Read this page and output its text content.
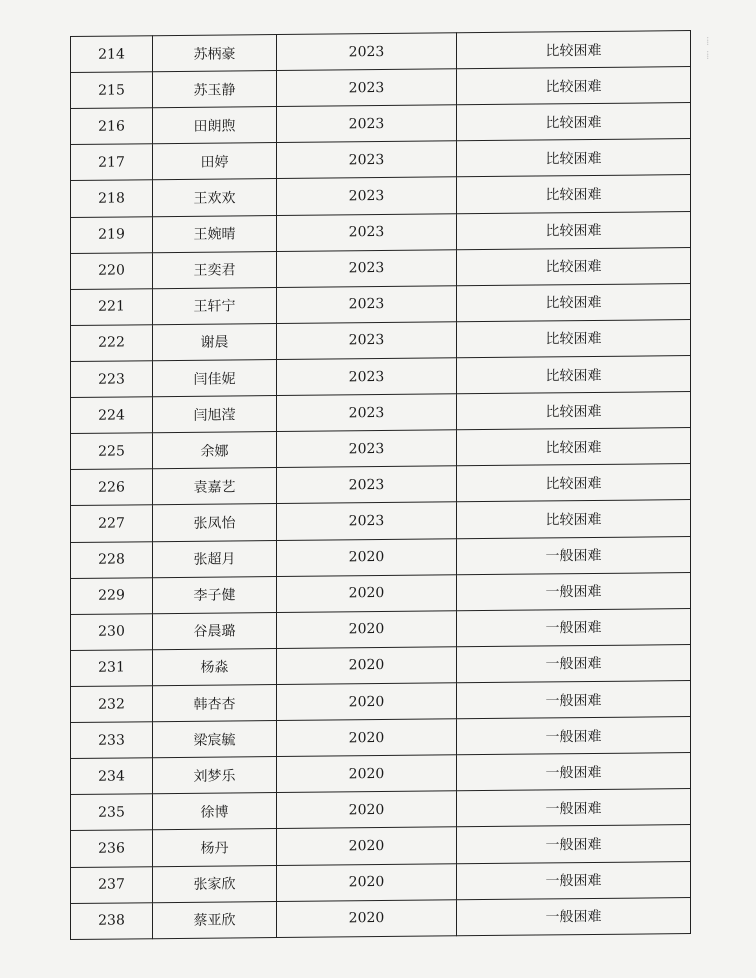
⁞
⁞
214	苏柄豪	2023	比较困难
215	苏玉静	2023	比较困难
216	田朗煦	2023	比较困难
217	田婷	2023	比较困难
218	王欢欢	2023	比较困难
219	王婉晴	2023	比较困难
220	王奕君	2023	比较困难
221	王轩宁	2023	比较困难
222	谢晨	2023	比较困难
223	闫佳妮	2023	比较困难
224	闫旭滢	2023	比较困难
225	余娜	2023	比较困难
226	袁嘉艺	2023	比较困难
227	张凤怡	2023	比较困难
228	张超月	2020	一般困难
229	李子健	2020	一般困难
230	谷晨璐	2020	一般困难
231	杨淼	2020	一般困难
232	韩杏杏	2020	一般困难
233	梁宸毓	2020	一般困难
234	刘梦乐	2020	一般困难
235	徐博	2020	一般困难
236	杨丹	2020	一般困难
237	张家欣	2020	一般困难
238	蔡亚欣	2020	一般困难
